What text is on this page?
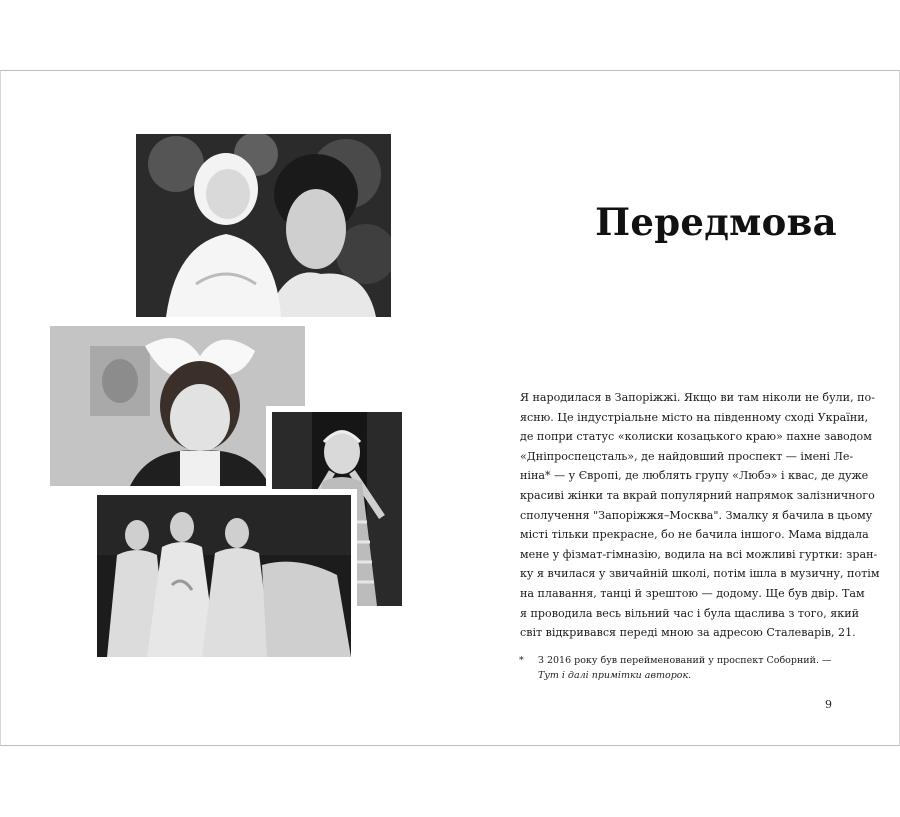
Передмова
Я народилася в Запоріжжі. Якщо ви там ніколи не були, по-
ясню. Це індустріальне місто на південному сході України,
де попри статус «колиски козацького краю» пахне заводом
«Дніпроспецсталь», де найдовший проспект — імені Ле-
ніна* — у Європі, де люблять групу «Любэ» і квас, де дуже
красиві жінки та вкрай популярний напрямок залізничного
сполучення "Запоріжжя–Москва". Змалку я бачила в цьому
місті тільки прекрасне, бо не бачила іншого. Мама віддала
мене у фізмат-гімназію, водила на всі можливі гуртки: зран-
ку я вчилася у звичайній школі, потім ішла в музичну, потім
на плавання, танці й зрештою — додому. Ще був двір. Там
я проводила весь вільний час і була щаслива з того, який
світ відкривався переді мною за адресою Сталеварів, 21.
* З 2016 року був перейменований у проспект Соборний. — Тут і далі примітки авторок.
9
